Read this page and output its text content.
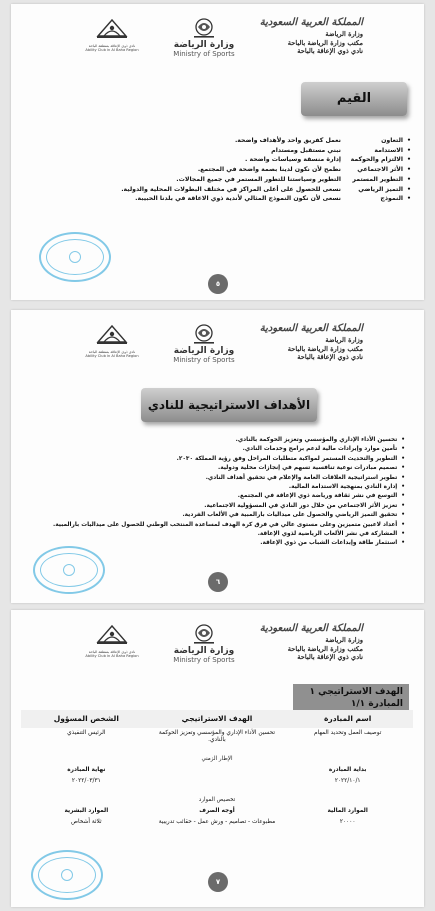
نادي ذوي الإعاقة بمنطقة الباحة
Ability Club in Al Baha Region
وزارة الرياضة
Ministry of Sports
المملكة العربية السعودية
وزارة الرياضة
مكتب وزارة الرياضة بالباحة
نادي ذوي الإعاقة بالباحة
القيم
• التعاون
نعمل كفريق واحد ولأهداف واضحة.
• الاستدامة
نبني مستقبل ومستدام
• الالتزام والحوكمة
إدارة منسقة وسياسات واضحة .
• الأثر الاجتماعي
نطمح لأن نكون لدينا بصمة واضحة في المجتمع.
• التطوير المستمر
التطوير وسياستنا للتطور المستمر في جميع المجالات.
• التميز الرياضي
نسعى للحصول على أعلى المراكز في مختلف البطولات المحلية والدولية.
• النموذج
نسعى لأن نكون النموذج المثالي لأندية ذوي الاعاقة في بلدنا الحبيبة.
٥
نادي ذوي الإعاقة بمنطقة الباحة
Ability Club in Al Baha Region
وزارة الرياضة
Ministry of Sports
المملكة العربية السعودية
وزارة الرياضة
مكتب وزارة الرياضة بالباحة
نادي ذوي الإعاقة بالباحة
الأهداف الاستراتيجية للنادي
• تحسين الأداء الإداري والمؤسسي وتعزيز الحوكمة بالنادي.
• تأمين موارد وإيرادات مالية لدعم برامج وخدمات النادي.
• التطوير والتحديث المستمر لمواكبة متطلبات المراحل وفق رؤية المملكة ٢٠٣٠.
• تصميم مبادرات نوعية تنافسية تسهم في إنجازات محلية ودولية.
• تطوير استراتيجية العلاقات العامة والإعلام في تحقيق أهداف النادي.
• إدارة النادي بمنهجية الاستدامة المالية.
• التوسع في نشر ثقافة ورياضة ذوي الإعاقة في المجتمع.
• تعزيز الأثر الاجتماعي من خلال دور النادي في المسؤولية الاجتماعية.
• تحقيق التميز الرياضي والحصول على ميداليات بارالمبية في الألعاب الفردية.
• أعداد لاعبين متميزين وعلى مستوى عالي في فرق كرة الهدف لمساعدة المنتخب الوطني للحصول على ميداليات بارالمبية.
• المشاركة في نشر الألعاب الرياضية لذوي الإعاقة.
• استثمار طاقة وإبداعات الشباب من ذوي الإعاقة.
٦
نادي ذوي الإعاقة بمنطقة الباحة
Ability Club in Al Baha Region
وزارة الرياضة
Ministry of Sports
المملكة العربية السعودية
وزارة الرياضة
مكتب وزارة الرياضة بالباحة
نادي ذوي الإعاقة بالباحة
الهدف الاستراتيجي ١
المبادرة ١/١
اسم المبادرة
الهدف الاستراتيجي
الشخص المسؤول
توصيف العمل وتحديد المهام
تحسين الأداء الإداري والمؤسسي وتعزيز الحوكمة بالنادي.
الرئيس التنفيذي
الإطار الزمني
بداية المبادرة
نهاية المبادرة
٢٠٢٢/١٠/١
٢٠٢٢/٠٣/٣١
تخصيص الموارد
الموارد المالية
أوجه الصرف
الموارد البشرية
٢٠٠٠٠
مطبوعات - تصاميم - ورش عمل - حقائب تدريبية
ثلاثة أشخاص
٧
